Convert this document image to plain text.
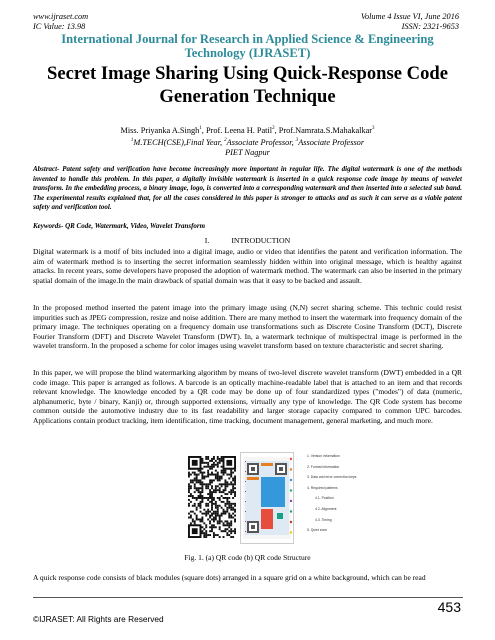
www.ijraset.com
IC Value: 13.98
Volume 4 Issue VI, June 2016
ISSN: 2321-9653
International Journal for Research in Applied Science & Engineering Technology (IJRASET)
Secret Image Sharing Using Quick-Response Code Generation Technique
Miss. Priyanka A.Singh$^1$, Prof. Leena H. Patil$^2$, Prof.Namrata.S.Mahakalkar$^3$
$^1$M.TECH(CSE),Final Year, $^2$Associate Professor, $^3$Associate Professor
PIET Nagpur
Abstract- Patent safety and verification have become increasingly more important in regular life. The digital watermark is one of the methods invented to handle this problem. In this paper, a digitally invisible watermark is inserted in a quick response code image by means of wavelet transform. In the embedding process, a binary image, logo, is converted into a corresponding watermark and then inserted into a selected sub band. The experimental results explained that, for all the cases considered in this paper is stronger to attacks and as such it can serve as a viable patent safety and verification tool.
Keywords- QR Code, Watermark, Video, Wavelet Transform
I.	INTRODUCTION
Digital watermark is a motif of bits included into a digital image, audio or video that identifies the patent and verification information. The aim of watermark method is to inserting the secret information seamlessly hidden within into original message, which is healthy against attacks. In recent years, some developers have proposed the adoption of watermark method. The watermark can also be inserted in the primary spatial domain of the image.In the main drawback of spatial domain was that it easy to be backed and assault.
In the proposed method inserted the patent image into the primary image using (N,N) secret sharing scheme. This technic could resist impurities such as JPEG compression, resize and noise addition. There are many method to insert the watermark into frequency domain of the primary image. The techniques operating on a frequency domain use transformations such as Discrete Cosine Transform (DCT), Discrete Fourier Transform (DFT) and Discrete Wavelet Transform (DWT). In, a watermark technique of multispectral image is performed in the wavelet transform. In the proposed a scheme for color images using wavelet transform based on texture characteristic and secret sharing.
In this paper, we will propose the blind watermarking algorithm by means of two-level discrete wavelet transform (DWT) embedded in a QR code image. This paper is arranged as follows. A barcode is an optically machine-readable label that is attached to an item and that records relevant knowledge. The knowledge encoded by a QR code may be done up of four standardized types ("modes") of data (numeric, alphanumeric, byte / binary, Kanji) or, through supported extensions, virtually any type of knowledge. The QR Code system has become common outside the automotive industry due to its fast readability and larger storage capacity compared to common UPC barcodes. Applications contain product tracking, item identification, time tracking, document management, general marketing, and much more.
1. Version information
2. Format information
3. Data and error correction keys
4. Required patterns
4.1. Position
4.2. Alignment
4.3. Timing
5. Quiet zone
Fig. 1. (a) QR code (b) QR code Structure
A quick response code consists of black modules (square dots) arranged in a square grid on a white background, which can be read
453
©IJRASET: All Rights are Reserved
